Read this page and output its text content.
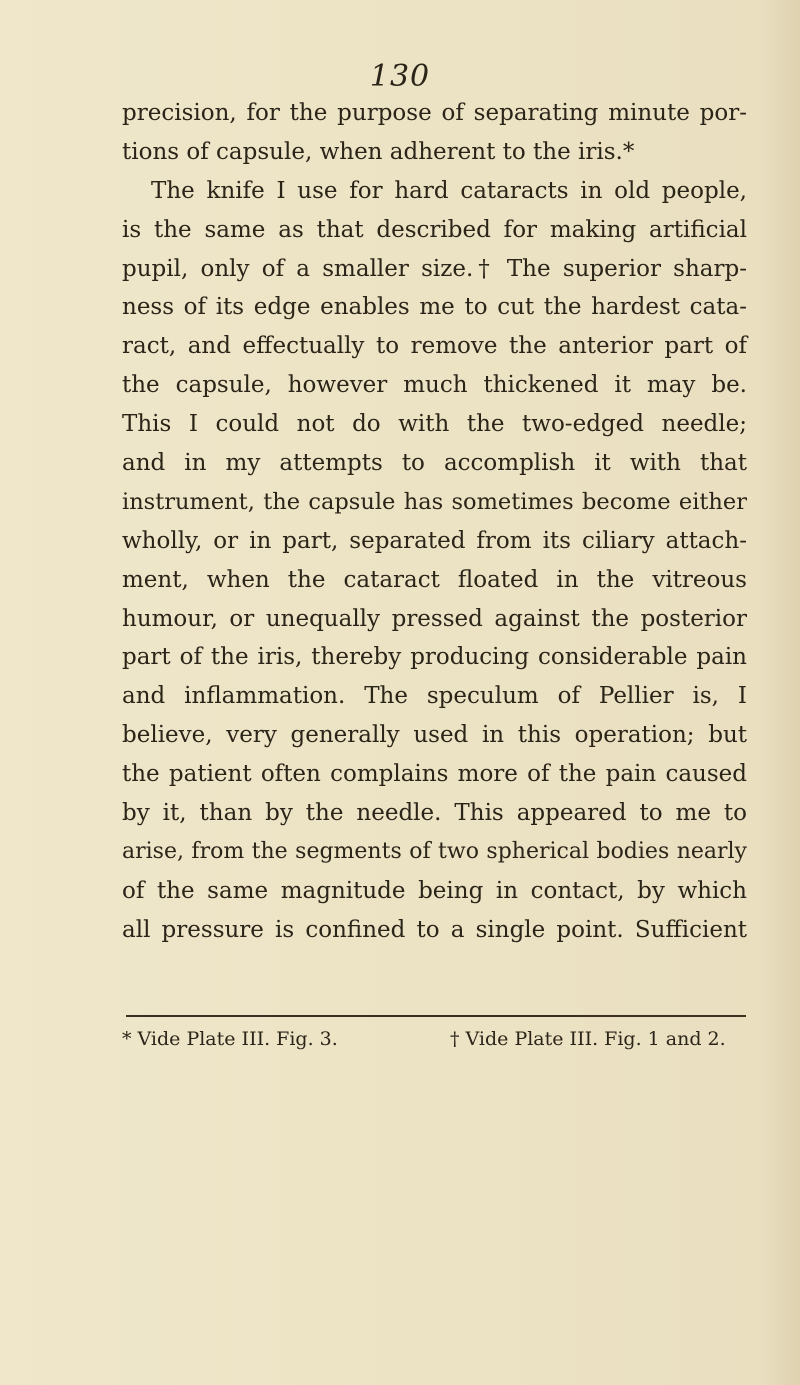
130
precision, for the purpose of separating minute por-
tions of capsule, when adherent to the iris.*
The knife I use for hard cataracts in old people,
is the same as that described for making artificial
pupil, only of a smaller size.† The superior sharp-
ness of its edge enables me to cut the hardest cata-
ract, and effectually to remove the anterior part of
the capsule, however much thickened it may be.
This I could not do with the two-edged needle;
and in my attempts to accomplish it with that
instrument, the capsule has sometimes become either
wholly, or in part, separated from its ciliary attach-
ment, when the cataract floated in the vitreous
humour, or unequally pressed against the posterior
part of the iris, thereby producing considerable pain
and inflammation. The speculum of Pellier is, I
believe, very generally used in this operation; but
the patient often complains more of the pain caused
by it, than by the needle. This appeared to me to
arise, from the segments of two spherical bodies nearly
of the same magnitude being in contact, by which
all pressure is confined to a single point. Sufficient
* Vide Plate III. Fig. 3.	† Vide Plate III. Fig. 1 and 2.
